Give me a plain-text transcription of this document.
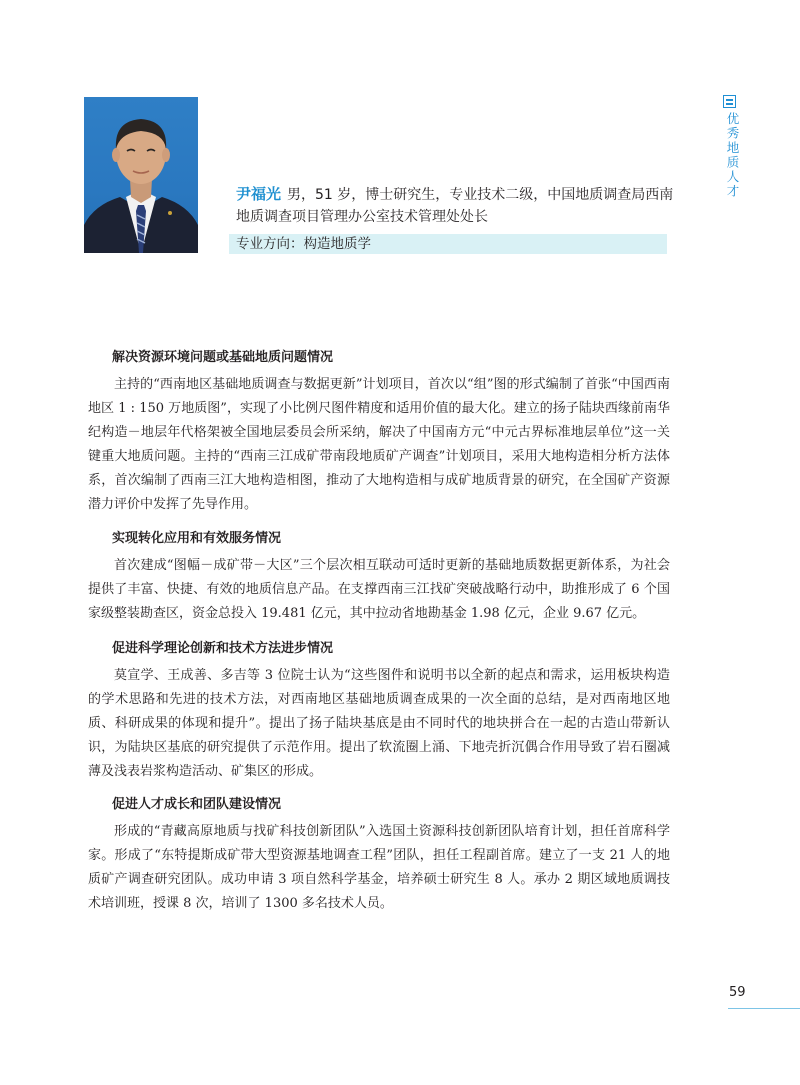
尹福光 男，51 岁，博士研究生，专业技术二级，中国地质调查局西南地质调查项目管理办公室技术管理处处长
专业方向：构造地质学
优秀地质人才
解决资源环境问题或基础地质问题情况

主持的“西南地区基础地质调查与数据更新”计划项目，首次以“组”图的形式编制了首张“中国西南地区 1 : 150 万地质图”，实现了小比例尺图件精度和适用价值的最大化。建立的扬子陆块西缘前南华纪构造－地层年代格架被全国地层委员会所采纳，解决了中国南方元“中元古界标准地层单位”这一关键重大地质问题。主持的“西南三江成矿带南段地质矿产调查”计划项目，采用大地构造相分析方法体系，首次编制了西南三江大地构造相图，推动了大地构造相与成矿地质背景的研究，在全国矿产资源潜力评价中发挥了先导作用。

实现转化应用和有效服务情况

首次建成“图幅－成矿带－大区”三个层次相互联动可适时更新的基础地质数据更新体系，为社会提供了丰富、快捷、有效的地质信息产品。在支撑西南三江找矿突破战略行动中，助推形成了 6 个国家级整装勘查区，资金总投入 19.481 亿元，其中拉动省地勘基金 1.98 亿元，企业 9.67 亿元。

促进科学理论创新和技术方法进步情况

莫宣学、王成善、多吉等 3 位院士认为“这些图件和说明书以全新的起点和需求，运用板块构造的学术思路和先进的技术方法，对西南地区基础地质调查成果的一次全面的总结，是对西南地区地质、科研成果的体现和提升”。提出了扬子陆块基底是由不同时代的地块拼合在一起的古造山带新认识，为陆块区基底的研究提供了示范作用。提出了软流圈上涌、下地壳折沉偶合作用导致了岩石圈减薄及浅表岩浆构造活动、矿集区的形成。

促进人才成长和团队建设情况

形成的“青藏高原地质与找矿科技创新团队”入选国土资源科技创新团队培育计划，担任首席科学家。形成了“东特提斯成矿带大型资源基地调查工程”团队，担任工程副首席。建立了一支 21 人的地质矿产调查研究团队。成功申请 3 项自然科学基金，培养硕士研究生 8 人。承办 2 期区域地质调技术培训班，授课 8 次，培训了 1300 多名技术人员。

59
